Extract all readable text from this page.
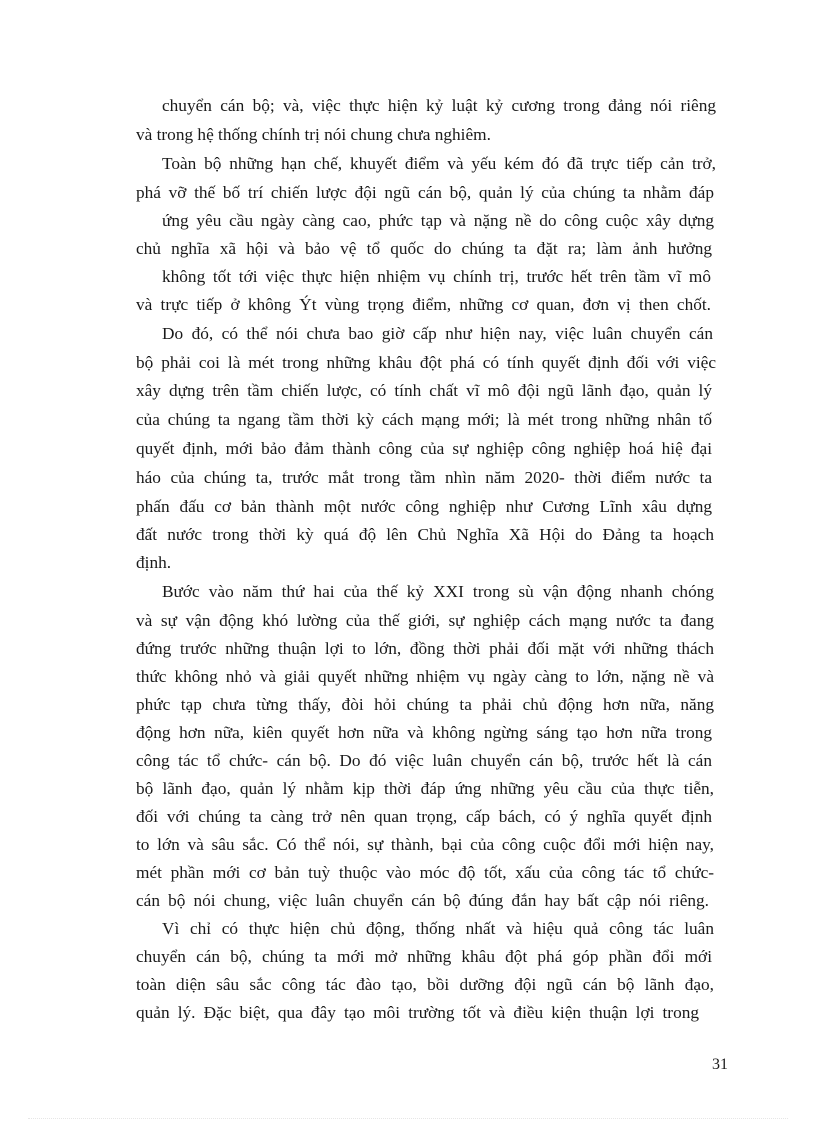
chuyển cán bộ; và, việc thực hiện kỷ luật kỷ cương trong đảng nói riêng
và trong hệ thống chính trị nói chung chưa nghiêm.
Toàn bộ những hạn chế, khuyết điểm và yếu kém đó đã trực tiếp cản trở,
phá vỡ thế bố trí chiến lược đội ngũ cán bộ, quản lý của chúng ta nhằm đáp
ứng yêu cầu ngày càng cao, phức tạp và nặng nề do công cuộc xây dựng
chủ nghĩa xã hội và bảo vệ tổ quốc do chúng ta đặt ra; làm ảnh hưởng
không tốt tới việc thực hiện nhiệm vụ chính trị, trước hết trên tầm vĩ mô
và trực tiếp ở không Ýt vùng trọng điểm, những cơ quan, đơn vị then chốt.
Do đó, có thể nói chưa bao giờ cấp như hiện nay, việc luân chuyển cán
bộ phải coi là mét trong những khâu đột phá có tính quyết định đối với việc
xây dựng trên tầm chiến lược, có tính chất vĩ mô đội ngũ lãnh đạo, quản lý
của chúng ta ngang tầm thời kỳ cách mạng mới; là mét trong những nhân tố
quyết định, mới bảo đảm thành công của sự nghiệp công nghiệp hoá hiệ đại
háo của chúng ta, trước mắt trong tầm nhìn năm 2020- thời điểm nước ta
phấn đấu cơ bản thành một nước công nghiệp như Cương Lĩnh xâu dựng
đất nước trong thời kỳ quá độ lên Chủ Nghĩa Xã Hội do Đảng ta hoạch
định.
Bước vào năm thứ hai của thế kỷ XXI trong sù vận động nhanh chóng
và sự vận động khó lường của thế giới, sự nghiệp cách mạng nước ta đang
đứng trước những thuận lợi to lớn, đồng thời phải đối mặt với những thách
thức không nhỏ và giải quyết những nhiệm vụ ngày càng to lớn, nặng nề và
phức tạp chưa từng thấy, đòi hỏi chúng ta phải chủ động hơn nữa, năng
động hơn nữa, kiên quyết hơn nữa và không ngừng sáng tạo hơn nữa trong
công tác tổ chức- cán bộ. Do đó việc luân chuyển cán bộ, trước hết là cán
bộ lãnh đạo, quản lý nhằm kịp thời đáp ứng những yêu cầu của thực tiễn,
đối với chúng ta càng trở nên quan trọng, cấp bách, có ý nghĩa quyết định
to lớn và sâu sắc. Có thể nói, sự thành, bại của công cuộc đổi mới hiện nay,
mét phần mới cơ bản tuỳ thuộc vào móc độ tốt, xấu của công tác tổ chức-
cán bộ nói chung, việc luân chuyển cán bộ đúng đắn hay bất cập nói riêng.
Vì chỉ có thực hiện chủ động, thống nhất và hiệu quả công tác luân
chuyển cán bộ, chúng ta mới mở những khâu đột phá góp phần đổi mới
toàn diện sâu sắc công tác đào tạo, bồi dưỡng đội ngũ cán bộ lãnh đạo,
quản lý. Đặc biệt, qua đây tạo môi trường tốt và điều kiện thuận lợi trong
31
